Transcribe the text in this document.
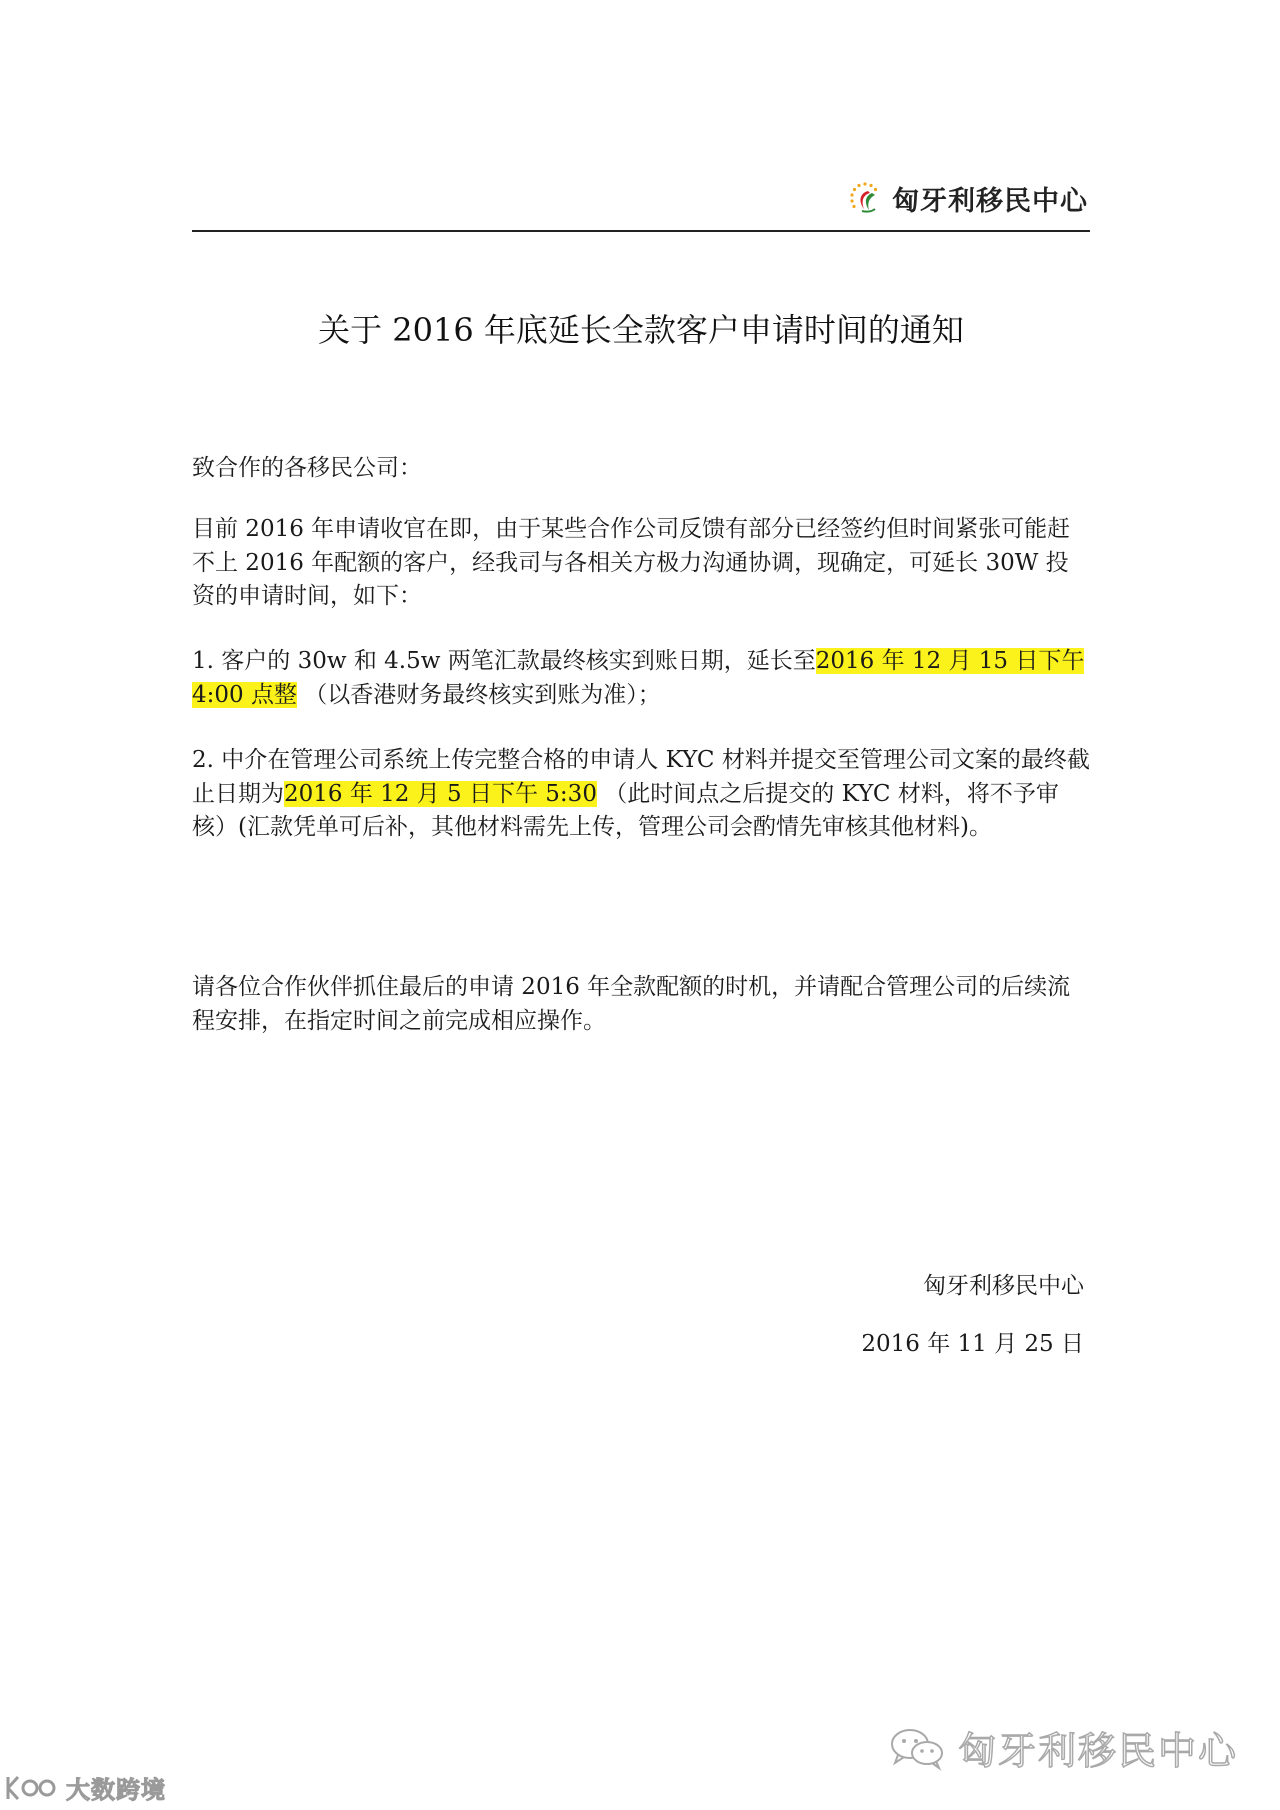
匈牙利移民中心
关于 2016 年底延长全款客户申请时间的通知

致合作的各移民公司：

目前 2016 年申请收官在即，由于某些合作公司反馈有部分已经签约但时间紧张可能赶不上 2016 年配额的客户，经我司与各相关方极力沟通协调，现确定，可延长 30W 投资的申请时间，如下：

1. 客户的 30w 和 4.5w 两笔汇款最终核实到账日期，延长至2016 年 12 月 15 日下午 4:00 点整 （以香港财务最终核实到账为准）；

2. 中介在管理公司系统上传完整合格的申请人 KYC 材料并提交至管理公司文案的最终截止日期为2016 年 12 月 5 日下午 5:30 （此时间点之后提交的 KYC 材料，将不予审核）(汇款凭单可后补，其他材料需先上传，管理公司会酌情先审核其他材料)。

请各位合作伙伴抓住最后的申请 2016 年全款配额的时机，并请配合管理公司的后续流程安排，在指定时间之前完成相应操作。

匈牙利移民中心

2016 年 11 月 25 日

匈牙利移民中心
大数跨境
